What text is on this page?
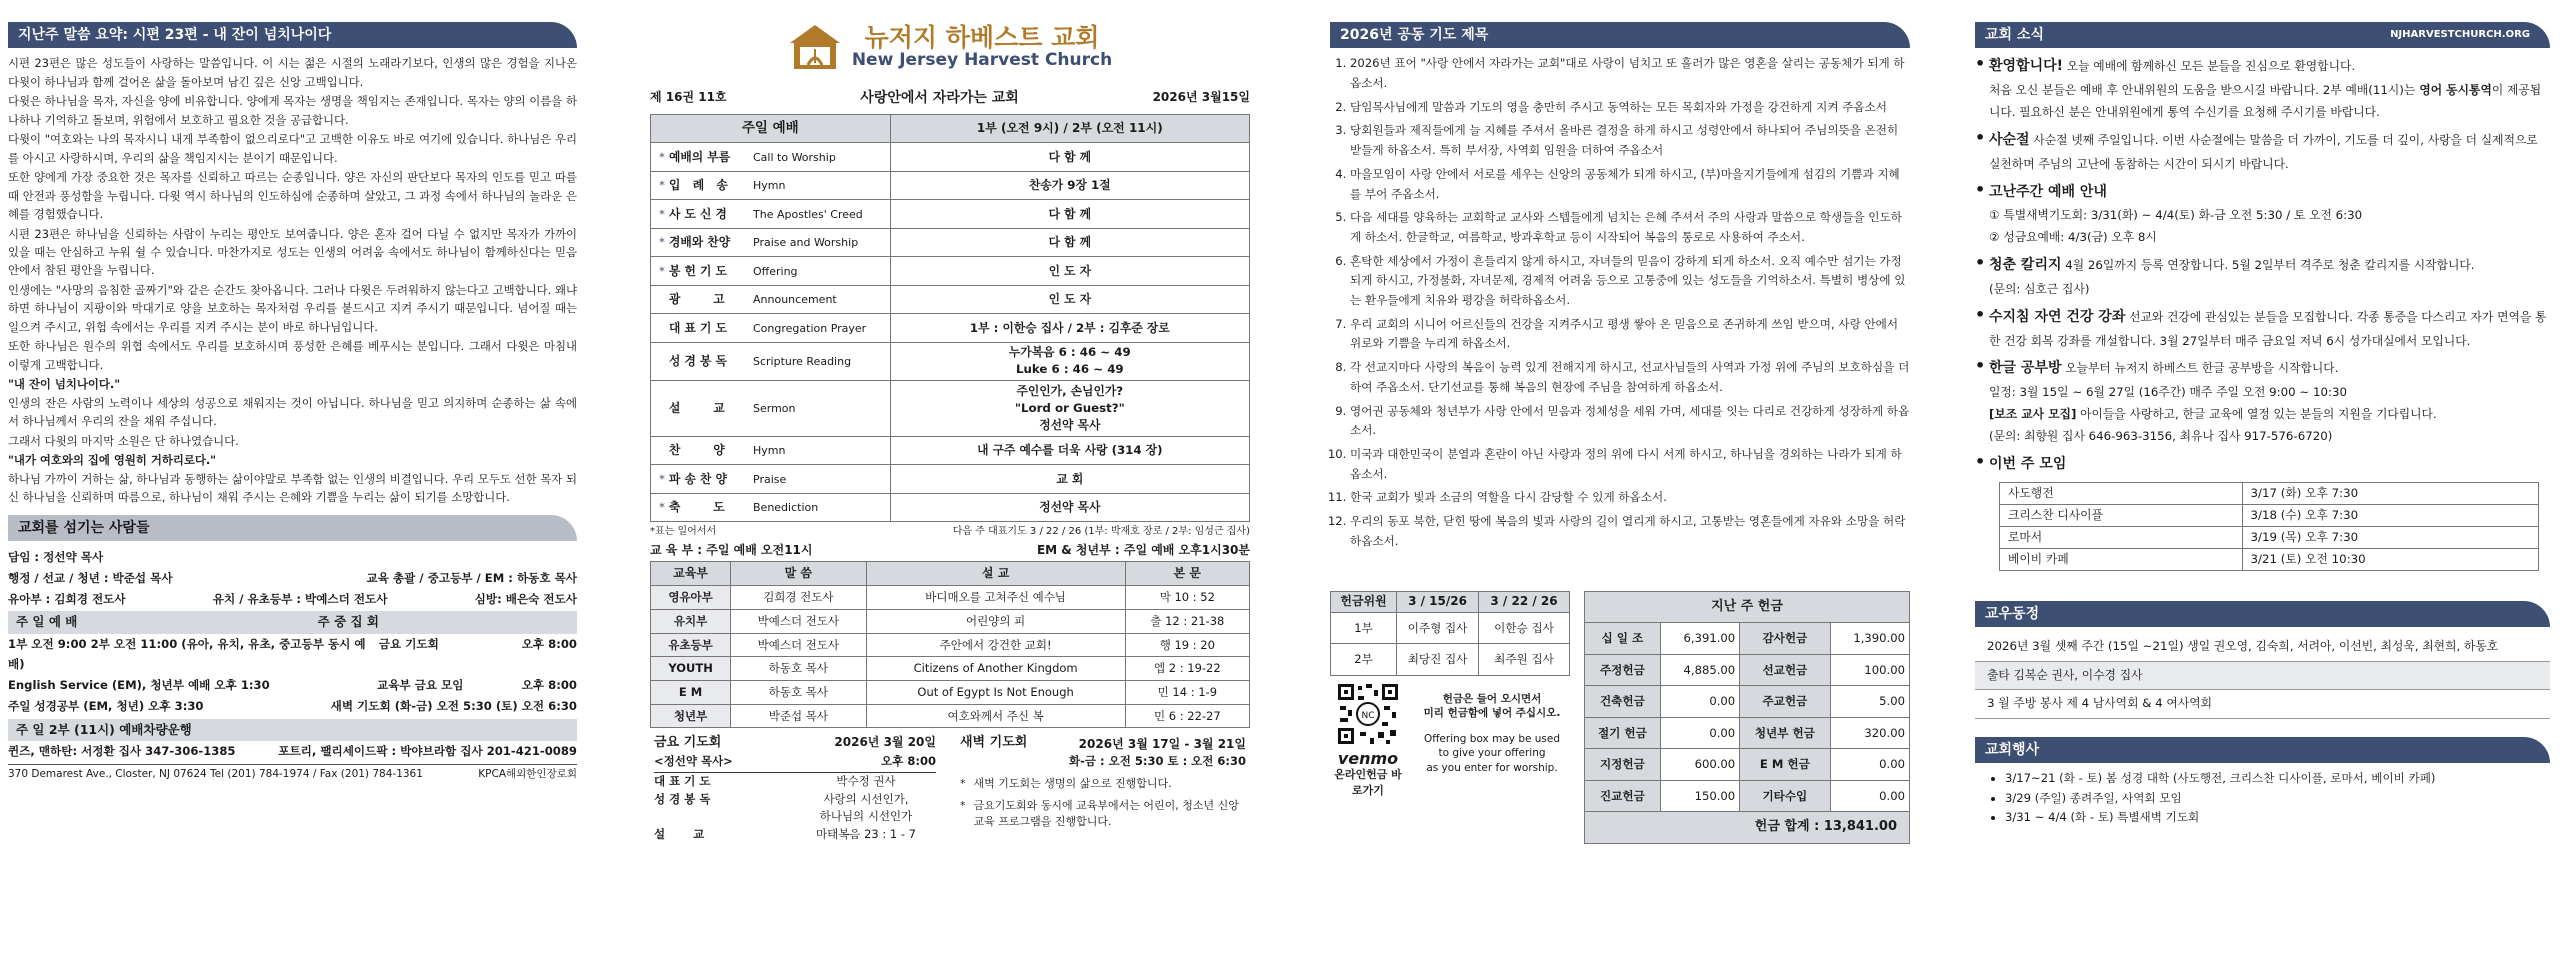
지난주 말씀 요약: 시편 23편 - 내 잔이 넘치나이다

시편 23편은 많은 성도들이 사랑하는 말씀입니다. 이 시는 젊은 시절의 노래라기보다, 인생의 많은 경험을 지나온 다윗이 하나님과 함께 걸어온 삶을 돌아보며 남긴 깊은 신앙 고백입니다.

다윗은 하나님을 목자, 자신을 양에 비유합니다. 양에게 목자는 생명을 책임지는 존재입니다. 목자는 양의 이름을 하나하나 기억하고 돌보며, 위험에서 보호하고 필요한 것을 공급합니다.

다윗이 "여호와는 나의 목자시니 내게 부족함이 없으리로다"고 고백한 이유도 바로 여기에 있습니다. 하나님은 우리를 아시고 사랑하시며, 우리의 삶을 책임지시는 분이기 때문입니다.

또한 양에게 가장 중요한 것은 목자를 신뢰하고 따르는 순종입니다. 양은 자신의 판단보다 목자의 인도를 믿고 따를 때 안전과 풍성함을 누립니다. 다윗 역시 하나님의 인도하심에 순종하며 살았고, 그 과정 속에서 하나님의 놀라운 은혜를 경험했습니다.

시편 23편은 하나님을 신뢰하는 사람이 누리는 평안도 보여줍니다. 양은 혼자 걸어 다닐 수 없지만 목자가 가까이 있을 때는 안심하고 누워 쉴 수 있습니다. 마찬가지로 성도는 인생의 어려움 속에서도 하나님이 함께하신다는 믿음 안에서 참된 평안을 누립니다.

인생에는 "사망의 음침한 골짜기"와 같은 순간도 찾아옵니다. 그러나 다윗은 두려워하지 않는다고 고백합니다. 왜냐하면 하나님이 지팡이와 막대기로 양을 보호하는 목자처럼 우리를 붙드시고 지켜 주시기 때문입니다. 넘어질 때는 일으켜 주시고, 위험 속에서는 우리를 지켜 주시는 분이 바로 하나님입니다.

또한 하나님은 원수의 위협 속에서도 우리를 보호하시며 풍성한 은혜를 베푸시는 분입니다. 그래서 다윗은 마침내 이렇게 고백합니다.

"내 잔이 넘치나이다."

인생의 잔은 사람의 노력이나 세상의 성공으로 채워지는 것이 아닙니다. 하나님을 믿고 의지하며 순종하는 삶 속에서 하나님께서 우리의 잔을 채워 주십니다.

그래서 다윗의 마지막 소원은 단 하나였습니다.

"내가 여호와의 집에 영원히 거하리로다."

하나님 가까이 거하는 삶, 하나님과 동행하는 삶이야말로 부족함 없는 인생의 비결입니다. 우리 모두도 선한 목자 되신 하나님을 신뢰하며 따름으로, 하나님이 채워 주시는 은혜와 기쁨을 누리는 삶이 되기를 소망합니다.

교회를 섬기는 사람들
담임 : 정선약 목사
행정 / 선교 / 청년 : 박준섭 목사	교육 총괄 / 중고등부 / EM : 하동호 목사
유아부 : 김희경 전도사	유치 / 유초등부 : 박예스더 전도사	심방: 배은숙 전도사
주 일 예 배	주 중 집 회
1부 오전 9:00 2부 오전 11:00 (유아, 유치, 유초, 중고등부 동시 예배)
금요 기도회	오후 8:00
English Service (EM), 청년부 예배 오후 1:30	교육부 금요 모임	오후 8:00
주일 성경공부 (EM, 청년) 오후 3:30	새벽 기도회 (화-금) 오전 5:30 (토) 오전 6:30
주 일 2부 (11시) 예배차량운행
퀸즈, 맨하탄: 서정환 집사 347-306-1385	포트리, 팰리세이드팍 : 박야브라함 집사 201-421-0089
370 Demarest Ave., Closter, NJ 07624 Tel (201) 784-1974 / Fax (201) 784-1361	KPCA해외한인장로회
뉴저지 하베스트 교회
New Jersey Harvest Church
제 16권 11호	사랑안에서 자라가는 교회	2026년 3월15일
주일 예배	1부 (오전 9시) / 2부 (오전 11시)
* 예배의 부름 Call to Worship	다 함 께

* 입   례   송 Hymn	찬송가 9장 1절

* 사 도 신 경 The Apostles' Creed	다 함 께

* 경배와 찬양 Praise and Worship	다 함 께

* 봉 헌 기 도 Offering	인 도 자

광        고 Announcement	인 도 자

대 표 기 도 Congregation Prayer	1부 : 이한승 집사 / 2부 : 김후준 장로

성 경 봉 독 Scripture Reading	누가복음 6 : 46 ~ 49
Luke 6 : 46 ~ 49

설        교 Sermon	주인인가, 손님인가?
"Lord or Guest?"
정선약 목사

찬        양 Hymn	내 구주 예수를 더욱 사랑 (314 장)

* 파 송 찬 양 Praise	교 회

* 축        도 Benediction	정선약 목사
*표는 일어서서	다음 주 대표기도 3 / 22 / 26 (1부: 박재호 장로 / 2부: 임성근 집사)
교 육 부 : 주일 예배 오전11시	EM & 청년부 : 주일 예배 오후1시30분
교육부	말 씀	설 교	본 문
영유아부	김희경 전도사	바디매오를 고쳐주신 예수님	막 10 : 52
유치부	박예스더 전도사	어린양의 피	출 12 : 21-38
유초등부	박예스더 전도사	주안에서 강건한 교회!	행 19 : 20
YOUTH	하동호 목사	Citizens of Another Kingdom	엡 2 : 19-22
E M	하동호 목사	Out of Egypt Is Not Enough	민 14 : 1-9
청년부	박준섭 목사	여호와께서 주신 복	민 6 : 22-27
금요 기도회	2026년 3월 20일
<정선약 목사>	오후 8:00
대 표 기 도	박수정 권사
성 경 봉 독	사랑의 시선인가,
하나님의 시선인가
설       교	마태복음 23 : 1 - 7
새벽 기도회	2026년 3월 17일 - 3월 21일
화-금 : 오전 5:30 토 : 오전 6:30
* 새벽 기도회는 생명의 삶으로 진행합니다.
* 금요기도회와 동시에 교육부에서는 어린이, 청소년 신앙 교육 프로그램을 진행합니다.
2026년 공동 기도 제목
1. 2026년 표어 "사랑 안에서 자라가는 교회"대로 사랑이 넘치고 또 흘러가 많은 영혼을 살리는 공동체가 되게 하옵소서.
2. 담임목사님에게 말씀과 기도의 영을 충만히 주시고 동역하는 모든 목회자와 가정을 강건하게 지켜 주옵소서
3. 당회원들과 제직들에게 늘 지혜를 주셔서 올바른 결정을 하게 하시고 성령안에서 하나되어 주님의뜻을 온전히 받들게 하옵소서. 특히 부서장, 사역회 임원을 더하여 주옵소서
4. 마을모임이 사랑 안에서 서로를 세우는 신앙의 공동체가 되게 하시고, (부)마을지기들에게 섬김의 기쁨과 지혜를 부어 주옵소서.
5. 다음 세대를 양육하는 교회학교 교사와 스텝들에게 넘치는 은혜 주셔서 주의 사랑과 말씀으로 학생들을 인도하게 하소서. 한글학교, 여름학교, 방과후학교 등이 시작되어 복음의 통로로 사용하여 주소서.
6. 혼탁한 세상에서 가정이 흔들리지 않게 하시고, 자녀들의 믿음이 강하게 되게 하소서. 오직 예수만 섬기는 가정되게 하시고, 가정불화, 자녀문제, 경제적 어려움 등으로 고통중에 있는 성도들을 기억하소서. 특별히 병상에 있는 환우들에게 치유와 평강을 허락하옵소서.
7. 우리 교회의 시니어 어르신들의 건강을 지켜주시고 평생 쌓아 온 믿음으로 존귀하게 쓰임 받으며, 사랑 안에서 위로와 기쁨을 누리게 하옵소서.
8. 각 선교지마다 사랑의 복음이 능력 있게 전해지게 하시고, 선교사님들의 사역과 가정 위에 주님의 보호하심을 더하여 주옵소서. 단기선교를 통해 복음의 현장에 주님을 참여하게 하옵소서.
9. 영어권 공동체와 청년부가 사랑 안에서 믿음과 정체성을 세워 가며, 세대를 잇는 다리로 건강하게 성장하게 하옵소서.
10. 미국과 대한민국이 분열과 혼란이 아닌 사랑과 정의 위에 다시 서게 하시고, 하나님을 경외하는 나라가 되게 하옵소서.
11. 한국 교회가 빛과 소금의 역할을 다시 감당할 수 있게 하옵소서.
12. 우리의 동포 북한, 닫힌 땅에 복음의 빛과 사랑의 길이 열리게 하시고, 고통받는 영혼들에게 자유와 소망을 허락하옵소서.
헌금위원	3 / 15/26	3 / 22 / 26
1부	이주형 집사	이한승 집사
2부	최당진 집사	최주원 집사
NC
venmo
온라인헌금 바로가기
헌금은 들어 오시면서
미리 헌금함에 넣어 주십시오.
Offering box may be used
to give your offering
as you enter for worship.
지난 주 헌금			
십 일 조	6,391.00	감사헌금	1,390.00
주정헌금	4,885.00	선교헌금	100.00
건축헌금	0.00	주교헌금	5.00
절기 헌금	0.00	청년부 헌금	320.00
지정헌금	600.00	E M 헌금	0.00
진교헌금	150.00	기타수입	0.00
헌금 합계 : 13,841.00			
교회 소식	NJHARVESTCHURCH.ORG
• 환영합니다! 오늘 예배에 함께하신 모든 분들을 진심으로 환영합니다.
처음 오신 분들은 예배 후 안내위원의 도움을 받으시길 바랍니다. 2부 예배(11시)는 영어 동시통역이 제공됩니다. 필요하신 분은 안내위원에게 통역 수신기를 요청해 주시기를 바랍니다.
• 사순절 사순절 넷째 주일입니다. 이번 사순절에는 말씀을 더 가까이, 기도를 더 깊이, 사랑을 더 실제적으로 실천하며 주님의 고난에 동참하는 시간이 되시기 바랍니다.
• 고난주간 예배 안내
① 특별새벽기도회: 3/31(화) ~ 4/4(토) 화-금 오전 5:30 / 토 오전 6:30
② 성금요예배: 4/3(금) 오후 8시
• 청춘 칼리지 4월 26일까지 등록 연장합니다. 5월 2일부터 격주로 청춘 칼리지를 시작합니다.
(문의: 심호근 집사)
• 수지침 자연 건강 강좌 선교와 건강에 관심있는 분들을 모집합니다. 각종 통증을 다스리고 자가 면역을 통한 건강 회복 강좌를 개설합니다. 3월 27일부터 매주 금요일 저녁 6시 성가대실에서 모입니다.
• 한글 공부방 오늘부터 뉴저지 하베스트 한글 공부방을 시작합니다.
일정: 3월 15일 ~ 6월 27일 (16주간) 매주 주일 오전 9:00 ~ 10:30
[보조 교사 모집] 아이들을 사랑하고, 한글 교육에 열정 있는 분들의 지원을 기다립니다.
(문의: 최향원 집사 646-963-3156, 최유나 집사 917-576-6720)
• 이번 주 모임
사도행전	3/17 (화) 오후 7:30
크리스찬 디사이플	3/18 (수) 오후 7:30
로마서	3/19 (목) 오후 7:30
베이비 카페	3/21 (토) 오전 10:30
교우동정
2026년 3월 셋째 주간 (15일 ~21일) 생일 권오영, 김숙희, 서려아, 이선빈, 최성욱, 최현희, 하동호
출타 김복순 권사, 이수경 집사
3 월 주방 봉사 제 4 남사역회 & 4 여사역회
교회행사
• 3/17~21 (화 - 토) 봄 성경 대학 (사도행전, 크리스찬 디사이플, 로마서, 베이비 카페)
• 3/29 (주일) 종려주일, 사역회 모임
• 3/31 ~ 4/4 (화 - 토) 특별새벽 기도회
